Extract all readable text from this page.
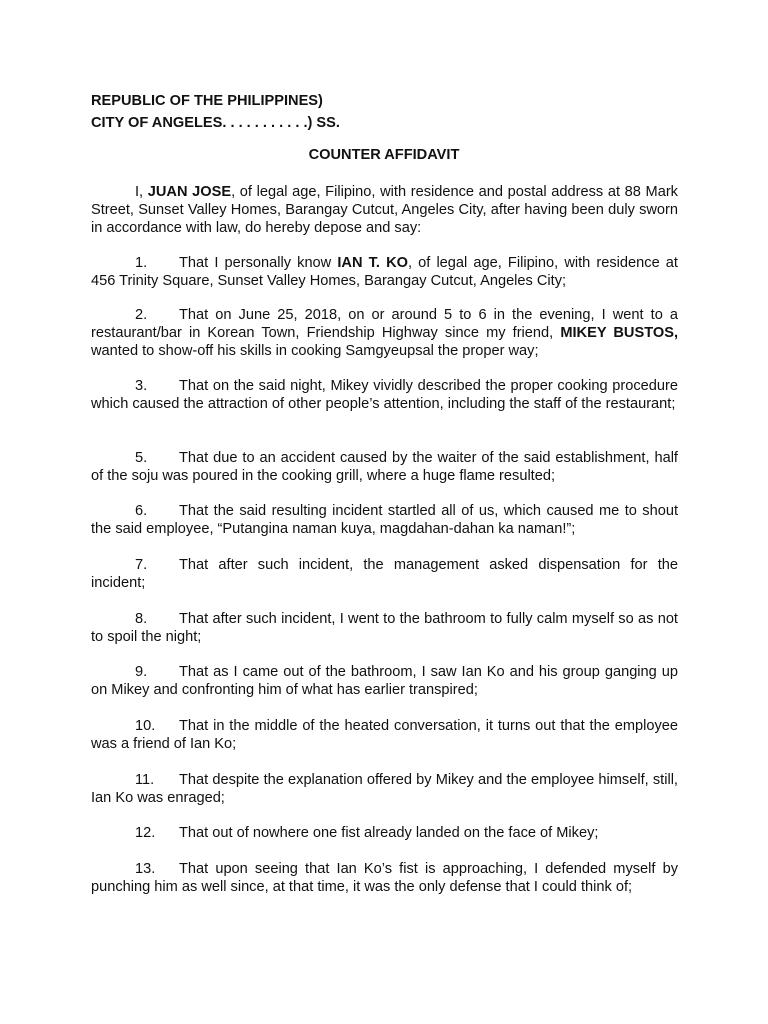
REPUBLIC OF THE PHILIPPINES)
CITY OF ANGELES. . . . . . . . . . .) SS.
COUNTER AFFIDAVIT
I, JUAN JOSE, of legal age, Filipino, with residence and postal address at 88 Mark Street, Sunset Valley Homes, Barangay Cutcut, Angeles City, after having been duly sworn in accordance with law, do hereby depose and say:
1. That I personally know IAN T. KO, of legal age, Filipino, with residence at 456 Trinity Square, Sunset Valley Homes, Barangay Cutcut, Angeles City;
2. That on June 25, 2018, on or around 5 to 6 in the evening, I went to a restaurant/bar in Korean Town, Friendship Highway since my friend, MIKEY BUSTOS, wanted to show-off his skills in cooking Samgyeupsal the proper way;
3. That on the said night, Mikey vividly described the proper cooking procedure which caused the attraction of other people’s attention, including the staff of the restaurant;
5. That due to an accident caused by the waiter of the said establishment, half of the soju was poured in the cooking grill, where a huge flame resulted;
6. That the said resulting incident startled all of us, which caused me to shout the said employee, “Putangina naman kuya, magdahan-dahan ka naman!”;
7. That after such incident, the management asked dispensation for the incident;
8. That after such incident, I went to the bathroom to fully calm myself so as not to spoil the night;
9. That as I came out of the bathroom, I saw Ian Ko and his group ganging up on Mikey and confronting him of what has earlier transpired;
10. That in the middle of the heated conversation, it turns out that the employee was a friend of Ian Ko;
11. That despite the explanation offered by Mikey and the employee himself, still, Ian Ko was enraged;
12. That out of nowhere one fist already landed on the face of Mikey;
13. That upon seeing that Ian Ko’s fist is approaching, I defended myself by punching him as well since, at that time, it was the only defense that I could think of;
